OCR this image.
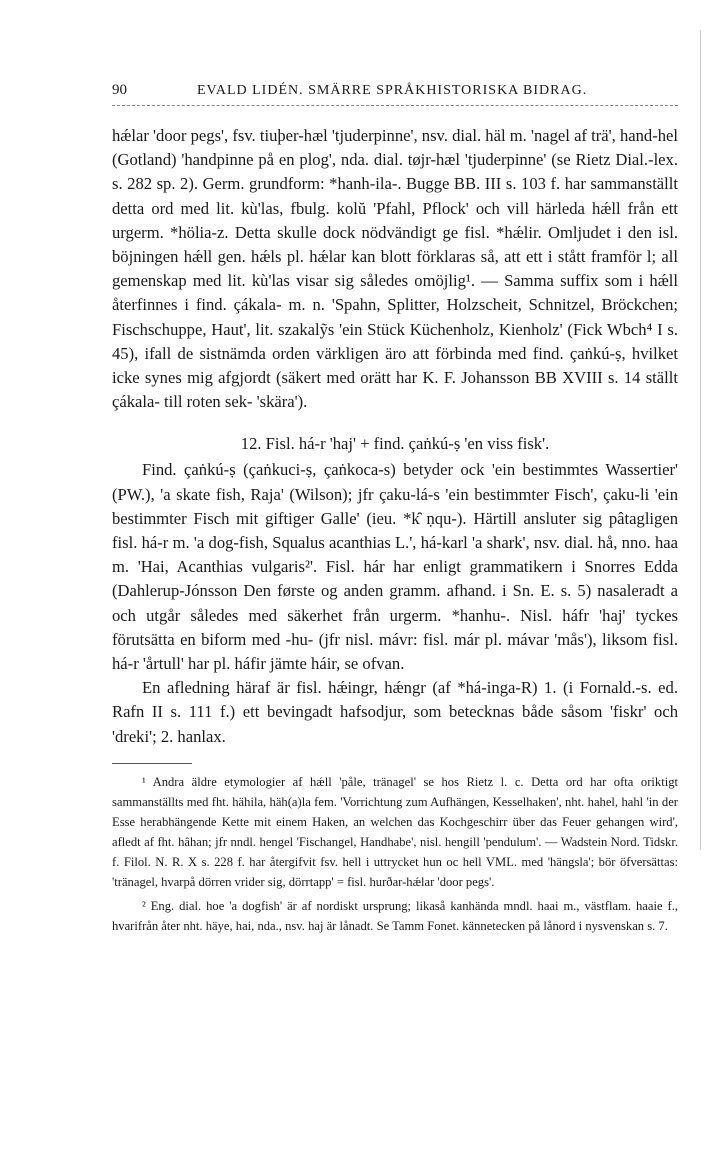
90	EVALD LIDÉN. SMÄRRE SPRÅKHISTORISKA BIDRAG.

hǽlar 'door pegs', fsv. tiuþer-hæl 'tjuderpinne', nsv. dial. häl m. 'nagel af trä', hand-hel (Gotland) 'handpinne på en plog', nda. dial. tøjr-hæl 'tjuderpinne' (se Rietz Dial.-lex. s. 282 sp. 2). Germ. grundform: *hanh-ila-. Bugge BB. III s. 103 f. har sammanställt detta ord med lit. kù'las, fbulg. kolŭ 'Pfahl, Pflock' och vill härleda hǽll från ett urgerm. *hölia-z. Detta skulle dock nödvändigt ge fisl. *hǽlir. Omljudet i den isl. böjningen hǽll gen. hǽls pl. hǽlar kan blott förklaras så, att ett i stått framför l; all gemenskap med lit. kù'las visar sig således omöjlig¹. — Samma suffix som i hǽll återfinnes i find. çákala- m. n. 'Spahn, Splitter, Holzscheit, Schnitzel, Bröckchen; Fischschuppe, Haut', lit. szakalỹs 'ein Stück Küchenholz, Kienholz' (Fick Wbch⁴ I s. 45), ifall de sistnämda orden värkligen äro att förbinda med find. çaṅkú-ṣ, hvilket icke synes mig afgjordt (säkert med orätt har K. F. Johansson BB XVIII s. 14 ställt çákala- till roten sek- 'skära').

12. Fisl. há-r 'haj' + find. çaṅkú-ṣ 'en viss fisk'.

Find. çaṅkú-ṣ (çaṅkuci-ṣ, çaṅkoca-s) betyder ock 'ein bestimmtes Wassertier' (PW.), 'a skate fish, Raja' (Wilson); jfr çaku-lá-s 'ein bestimmter Fisch', çaku-li 'ein bestimmter Fisch mit giftiger Galle' (ieu. *k̑ ṇqu-). Härtill ansluter sig pâtagligen fisl. há-r m. 'a dog-fish, Squalus acanthias L.', há-karl 'a shark', nsv. dial. hå, nno. haa m. 'Hai, Acanthias vulgaris²'. Fisl. hár har enligt grammatikern i Snorres Edda (Dahlerup-Jónsson Den første og anden gramm. afhand. i Sn. E. s. 5) nasaleradt a och utgår således med säkerhet från urgerm. *hanhu-. Nisl. háfr 'haj' tyckes förutsätta en biform med -hu- (jfr nisl. mávr: fisl. már pl. mávar 'mås'), liksom fisl. há-r 'årtull' har pl. háfir jämte háir, se ofvan.

En afledning häraf är fisl. hǽingr, hǽngr (af *há-inga-R) 1. (i Fornald.-s. ed. Rafn II s. 111 f.) ett bevingadt hafsodjur, som betecknas både såsom 'fiskr' och 'dreki'; 2. hanlax.

¹ Andra äldre etymologier af hǽll 'påle, tränagel' se hos Rietz l. c. Detta ord har ofta oriktigt sammanställts med fht. hähila, häh(a)la fem. 'Vorrichtung zum Aufhängen, Kesselhaken', nht. hahel, hahl 'in der Esse herabhängende Kette mit einem Haken, an welchen das Kochgeschirr über das Feuer gehangen wird', afledt af fht. hâhan; jfr nndl. hengel 'Fischangel, Handhabe', nisl. hengill 'pendulum'. — Wadstein Nord. Tidskr. f. Filol. N. R. X s. 228 f. har återgifvit fsv. hell i uttrycket hun oc hell VML. med 'hängsla'; bör öfversättas: 'tränagel, hvarpå dörren vrider sig, dörrtapp' = fisl. hurðar-hǽlar 'door pegs'.

² Eng. dial. hoe 'a dogfish' är af nordiskt ursprung; likaså kanhända mndl. haai m., västflam. haaie f., hvarifrån åter nht. häye, hai, nda., nsv. haj är lånadt. Se Tamm Fonet. kännetecken på lånord i nysvenskan s. 7.
